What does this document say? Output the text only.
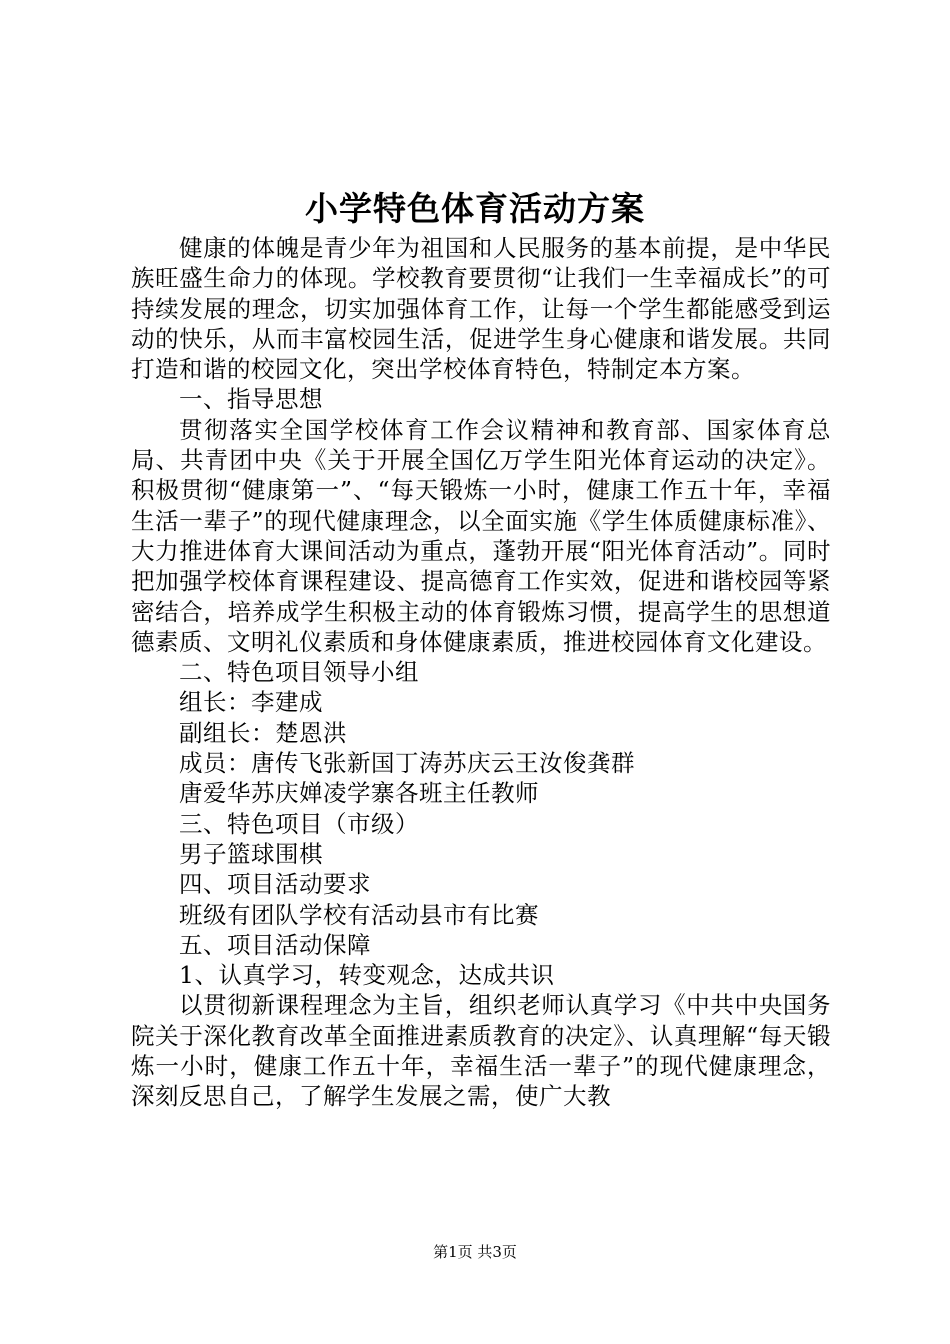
小学特色体育活动方案

健康的体魄是青少年为祖国和人民服务的基本前提，是中华民族旺盛生命力的体现。学校教育要贯彻“让我们一生幸福成长”的可持续发展的理念，切实加强体育工作，让每一个学生都能感受到运动的快乐，从而丰富校园生活，促进学生身心健康和谐发展。共同打造和谐的校园文化，突出学校体育特色，特制定本方案。

一、指导思想

贯彻落实全国学校体育工作会议精神和教育部、国家体育总局、共青团中央《关于开展全国亿万学生阳光体育运动的决定》。积极贯彻“健康第一”、“每天锻炼一小时，健康工作五十年，幸福生活一辈子”的现代健康理念，以全面实施《学生体质健康标准》、大力推进体育大课间活动为重点，蓬勃开展“阳光体育活动”。同时把加强学校体育课程建设、提高德育工作实效，促进和谐校园等紧密结合，培养成学生积极主动的体育锻炼习惯，提高学生的思想道德素质、文明礼仪素质和身体健康素质，推进校园体育文化建设。

二、特色项目领导小组

组长：李建成

副组长：楚恩洪

成员：唐传飞张新国丁涛苏庆云王汝俊龚群

唐爱华苏庆婵凌学寨各班主任教师

三、特色项目（市级）

男子篮球围棋

四、项目活动要求

班级有团队学校有活动县市有比赛

五、项目活动保障

1、认真学习，转变观念，达成共识

以贯彻新课程理念为主旨，组织老师认真学习《中共中央国务院关于深化教育改革全面推进素质教育的决定》、认真理解“每天锻炼一小时，健康工作五十年，幸福生活一辈子”的现代健康理念，深刻反思自己，了解学生发展之需，使广大教

第1页 共3页
